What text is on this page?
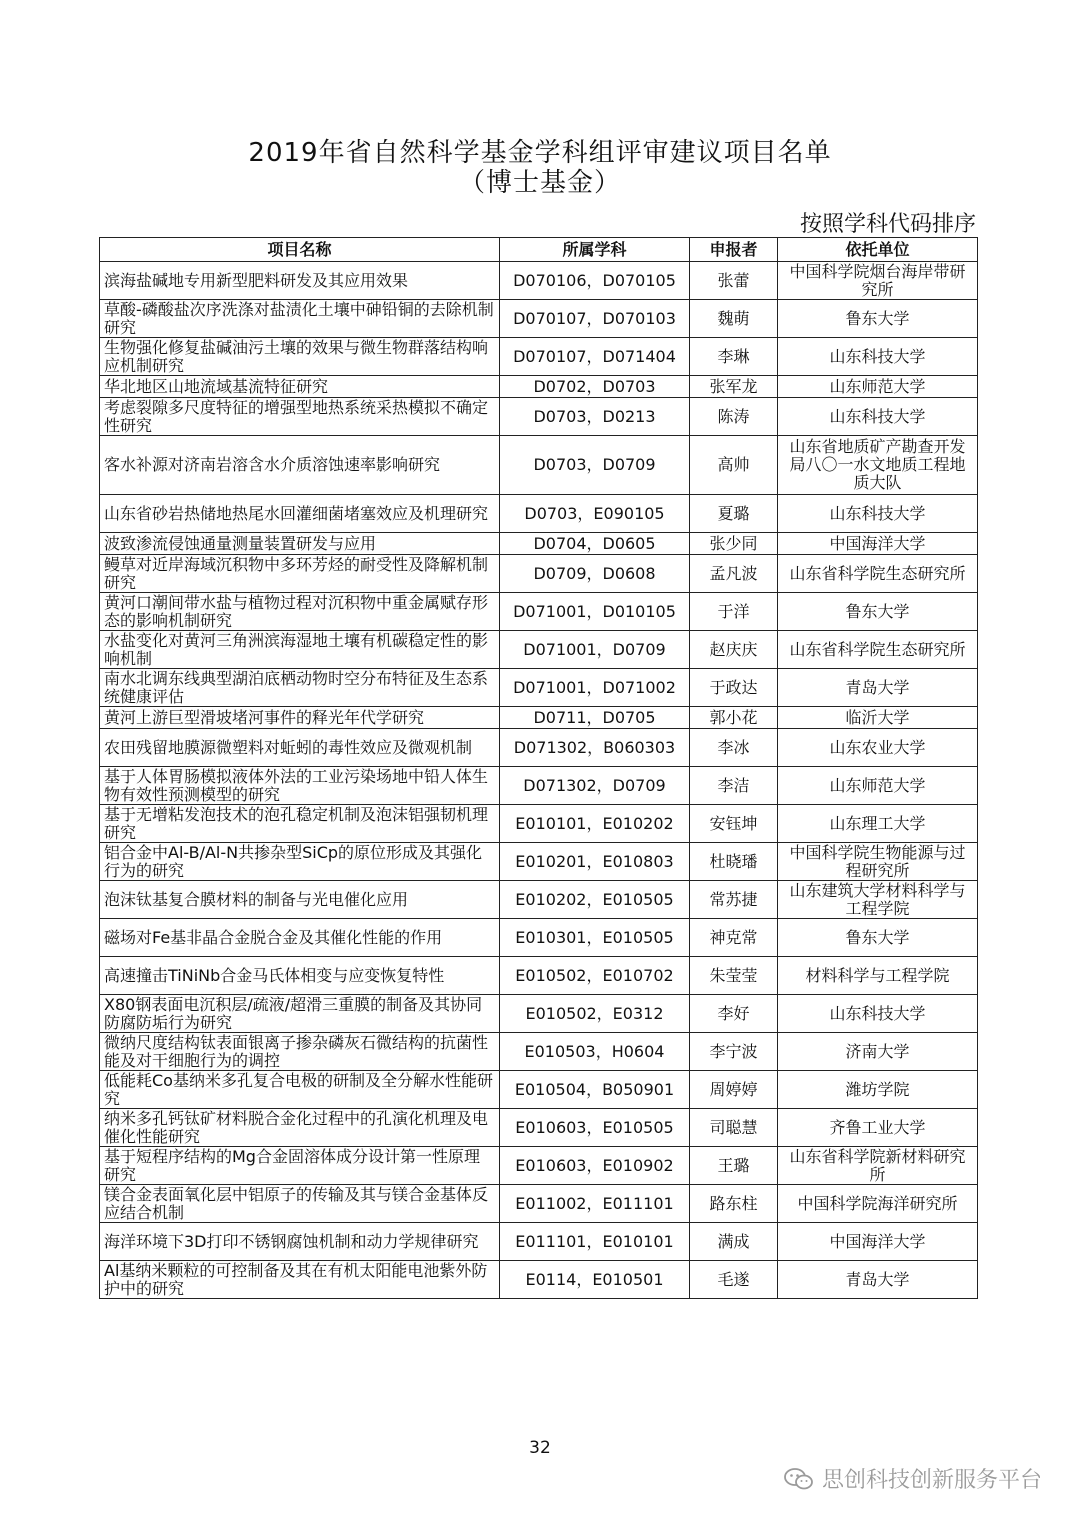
2019年省自然科学基金学科组评审建议项目名单
（博士基金）
按照学科代码排序
项目名称	所属学科	申报者	依托单位
滨海盐碱地专用新型肥料研发及其应用效果	D070106，D070105	张蕾	中国科学院烟台海岸带研究所
草酸-磷酸盐次序洗涤对盐渍化土壤中砷铅铜的去除机制研究	D070107，D070103	魏萌	鲁东大学
生物强化修复盐碱油污土壤的效果与微生物群落结构响应机制研究	D070107，D071404	李琳	山东科技大学
华北地区山地流域基流特征研究	D0702，D0703	张军龙	山东师范大学
考虑裂隙多尺度特征的增强型地热系统采热模拟不确定性研究	D0703，D0213	陈涛	山东科技大学
客水补源对济南岩溶含水介质溶蚀速率影响研究	D0703，D0709	高帅	山东省地质矿产勘查开发局八〇一水文地质工程地质大队
山东省砂岩热储地热尾水回灌细菌堵塞效应及机理研究	D0703，E090105	夏璐	山东科技大学
波致渗流侵蚀通量测量装置研发与应用	D0704，D0605	张少同	中国海洋大学
鳗草对近岸海域沉积物中多环芳烃的耐受性及降解机制研究	D0709，D0608	孟凡波	山东省科学院生态研究所
黄河口潮间带水盐与植物过程对沉积物中重金属赋存形态的影响机制研究	D071001，D010105	于洋	鲁东大学
水盐变化对黄河三角洲滨海湿地土壤有机碳稳定性的影响机制	D071001，D0709	赵庆庆	山东省科学院生态研究所
南水北调东线典型湖泊底栖动物时空分布特征及生态系统健康评估	D071001，D071002	于政达	青岛大学
黄河上游巨型滑坡堵河事件的释光年代学研究	D0711，D0705	郭小花	临沂大学
农田残留地膜源微塑料对蚯蚓的毒性效应及微观机制	D071302，B060303	李冰	山东农业大学
基于人体胃肠模拟液体外法的工业污染场地中铅人体生物有效性预测模型的研究	D071302，D0709	李洁	山东师范大学
基于无增粘发泡技术的泡孔稳定机制及泡沫铝强韧机理研究	E010101，E010202	安钰坤	山东理工大学
铝合金中Al-B/Al-N共掺杂型SiCp的原位形成及其强化行为的研究	E010201，E010803	杜晓璠	中国科学院生物能源与过程研究所
泡沫钛基复合膜材料的制备与光电催化应用	E010202，E010505	常苏捷	山东建筑大学材料科学与工程学院
磁场对Fe基非晶合金脱合金及其催化性能的作用	E010301，E010505	神克常	鲁东大学
高速撞击TiNiNb合金马氏体相变与应变恢复特性	E010502，E010702	朱莹莹	材料科学与工程学院
X80钢表面电沉积层/疏液/超滑三重膜的制备及其协同防腐防垢行为研究	E010502，E0312	李好	山东科技大学
微纳尺度结构钛表面银离子掺杂磷灰石微结构的抗菌性能及对干细胞行为的调控	E010503，H0604	李宁波	济南大学
低能耗Co基纳米多孔复合电极的研制及全分解水性能研究	E010504，B050901	周婷婷	潍坊学院
纳米多孔钙钛矿材料脱合金化过程中的孔演化机理及电催化性能研究	E010603，E010505	司聪慧	齐鲁工业大学
基于短程序结构的Mg合金固溶体成分设计第一性原理研究	E010603，E010902	王璐	山东省科学院新材料研究所
镁合金表面氧化层中铝原子的传输及其与镁合金基体反应结合机制	E011002，E011101	路东柱	中国科学院海洋研究所
海洋环境下3D打印不锈钢腐蚀机制和动力学规律研究	E011101，E010101	满成	中国海洋大学
Al基纳米颗粒的可控制备及其在有机太阳能电池紫外防护中的研究	E0114，E010501	毛遂	青岛大学
32
思创科技创新服务平台
